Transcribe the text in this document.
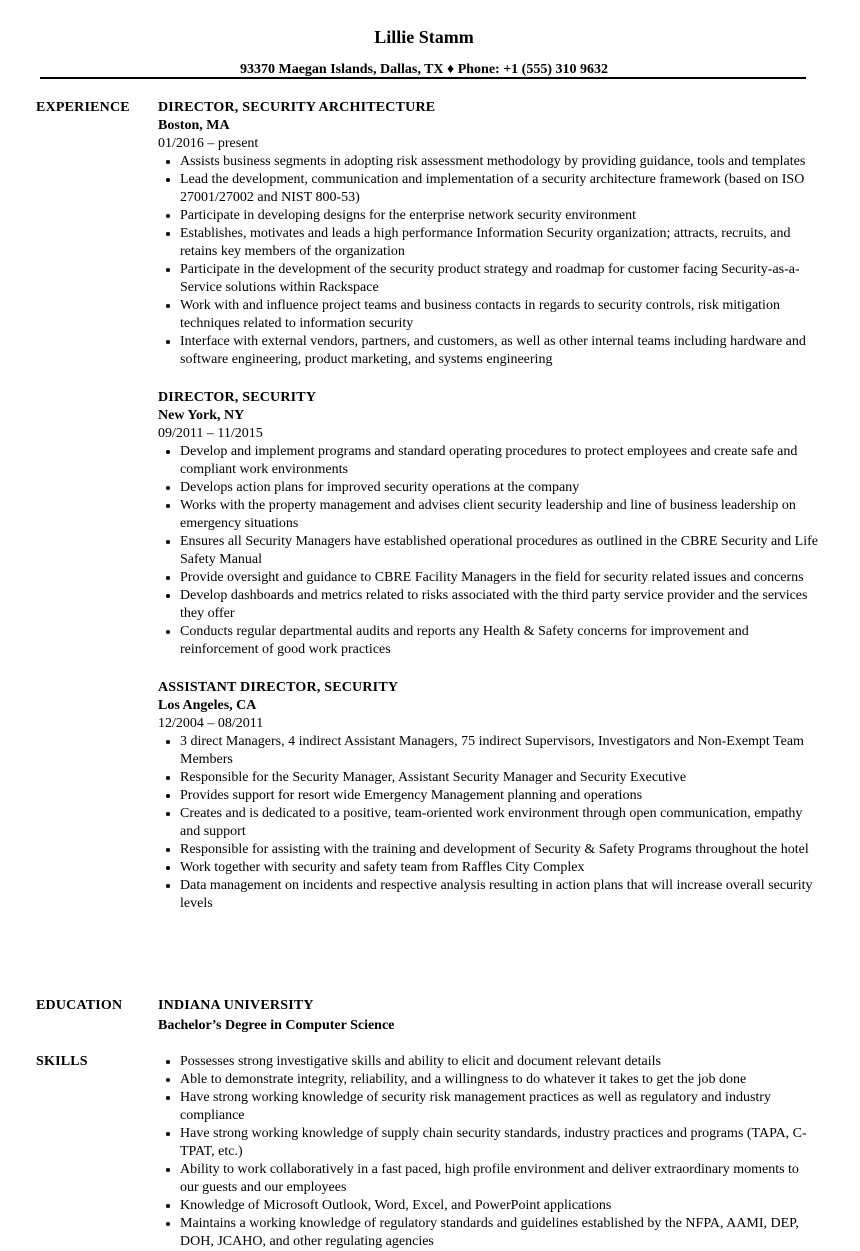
Lillie Stamm
93370 Maegan Islands, Dallas, TX ♦ Phone: +1 (555) 310 9632
EXPERIENCE DIRECTOR, SECURITY ARCHITECTURE
Boston, MA
01/2016 – present
Assists business segments in adopting risk assessment methodology by providing guidance, tools and templates
Lead the development, communication and implementation of a security architecture framework (based on ISO 27001/27002 and NIST 800-53)
Participate in developing designs for the enterprise network security environment
Establishes, motivates and leads a high performance Information Security organization; attracts, recruits, and retains key members of the organization
Participate in the development of the security product strategy and roadmap for customer facing Security-as-a-Service solutions within Rackspace
Work with and influence project teams and business contacts in regards to security controls, risk mitigation techniques related to information security
Interface with external vendors, partners, and customers, as well as other internal teams including hardware and software engineering, product marketing, and systems engineering
DIRECTOR, SECURITY
New York, NY
09/2011 – 11/2015
Develop and implement programs and standard operating procedures to protect employees and create safe and compliant work environments
Develops action plans for improved security operations at the company
Works with the property management and advises client security leadership and line of business leadership on emergency situations
Ensures all Security Managers have established operational procedures as outlined in the CBRE Security and Life Safety Manual
Provide oversight and guidance to CBRE Facility Managers in the field for security related issues and concerns
Develop dashboards and metrics related to risks associated with the third party service provider and the services they offer
Conducts regular departmental audits and reports any Health & Safety concerns for improvement and reinforcement of good work practices
ASSISTANT DIRECTOR, SECURITY
Los Angeles, CA
12/2004 – 08/2011
3 direct Managers, 4 indirect Assistant Managers, 75 indirect Supervisors, Investigators and Non-Exempt Team Members
Responsible for the Security Manager, Assistant Security Manager and Security Executive
Provides support for resort wide Emergency Management planning and operations
Creates and is dedicated to a positive, team-oriented work environment through open communication, empathy and support
Responsible for assisting with the training and development of Security & Safety Programs throughout the hotel
Work together with security and safety team from Raffles City Complex
Data management on incidents and respective analysis resulting in action plans that will increase overall security levels
EDUCATION	INDIANA UNIVERSITY
Bachelor’s Degree in Computer Science
SKILLS	Possesses strong investigative skills and ability to elicit and document relevant details
Able to demonstrate integrity, reliability, and a willingness to do whatever it takes to get the job done
Have strong working knowledge of security risk management practices as well as regulatory and industry compliance
Have strong working knowledge of supply chain security standards, industry practices and programs (TAPA, C-TPAT, etc.)
Ability to work collaboratively in a fast paced, high profile environment and deliver extraordinary moments to our guests and our employees
Knowledge of Microsoft Outlook, Word, Excel, and PowerPoint applications
Maintains a working knowledge of regulatory standards and guidelines established by the NFPA, AAMI, DEP, DOH, JCAHO, and other regulating agencies
